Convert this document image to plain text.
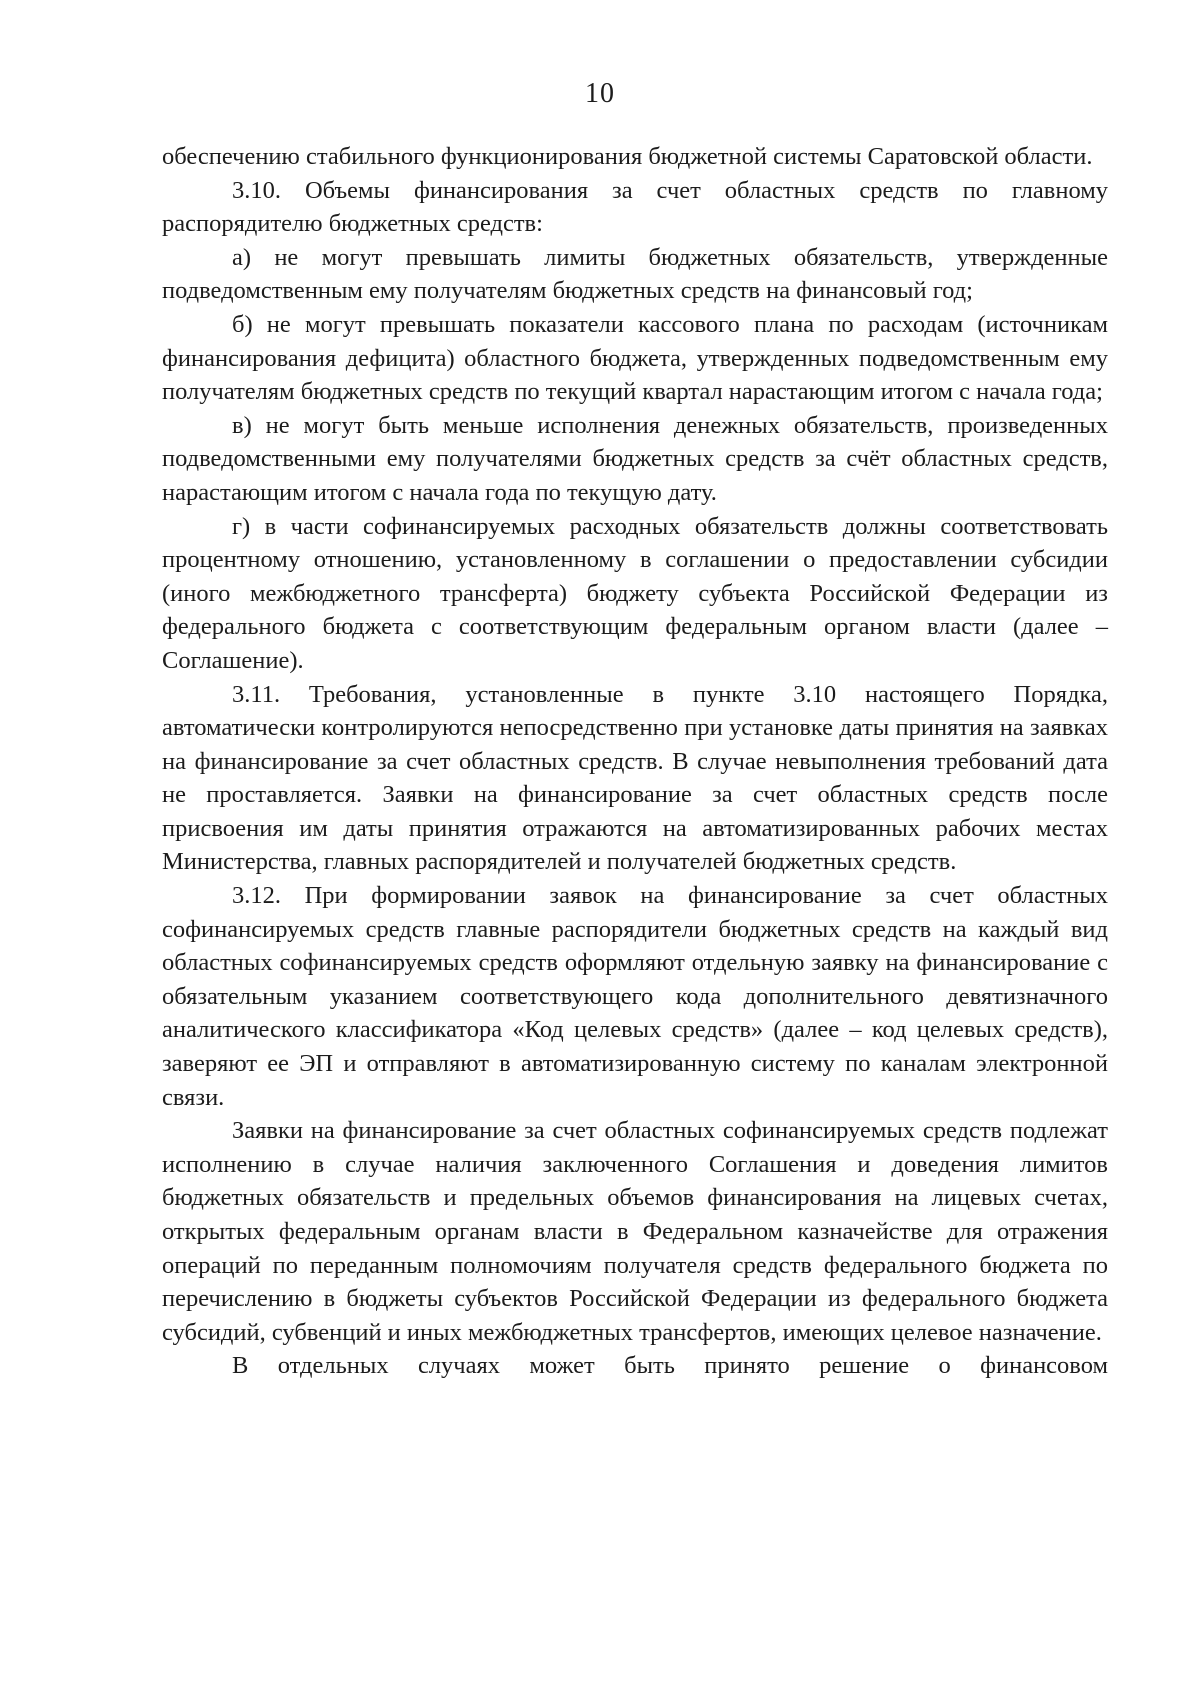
10

обеспечению стабильного функционирования бюджетной системы Саратовской области.

3.10. Объемы финансирования за счет областных средств по главному распорядителю бюджетных средств:

а) не могут превышать лимиты бюджетных обязательств, утвержденные подведомственным ему получателям бюджетных средств на финансовый год;

б) не могут превышать показатели кассового плана по расходам (источникам финансирования дефицита) областного бюджета, утвержденных подведомственным ему получателям бюджетных средств по текущий квартал нарастающим итогом с начала года;

в) не могут быть меньше исполнения денежных обязательств, произведенных подведомственными ему получателями бюджетных средств за счёт областных средств, нарастающим итогом с начала года по текущую дату.

г) в части софинансируемых расходных обязательств должны соответствовать процентному отношению, установленному в соглашении о предоставлении субсидии (иного межбюджетного трансферта) бюджету субъекта Российской Федерации из федерального бюджета с соответствующим федеральным органом власти (далее – Соглашение).

3.11. Требования, установленные в пункте 3.10 настоящего Порядка, автоматически контролируются непосредственно при установке даты принятия на заявках на финансирование за счет областных средств. В случае невыполнения требований дата не проставляется. Заявки на финансирование за счет областных средств после присвоения им даты принятия отражаются на автоматизированных рабочих местах Министерства, главных распорядителей и получателей бюджетных средств.

3.12. При формировании заявок на финансирование за счет областных софинансируемых средств главные распорядители бюджетных средств на каждый вид областных софинансируемых средств оформляют отдельную заявку на финансирование с обязательным указанием соответствующего кода дополнительного девятизначного аналитического классификатора «Код целевых средств» (далее – код целевых средств), заверяют ее ЭП и отправляют в автоматизированную систему по каналам электронной связи.

Заявки на финансирование за счет областных софинансируемых средств подлежат исполнению в случае наличия заключенного Соглашения и доведения лимитов бюджетных обязательств и предельных объемов финансирования на лицевых счетах, открытых федеральным органам власти в Федеральном казначействе для отражения операций по переданным полномочиям получателя средств федерального бюджета по перечислению в бюджеты субъектов Российской Федерации из федерального бюджета субсидий, субвенций и иных межбюджетных трансфертов, имеющих целевое назначение.

В отдельных случаях может быть принято решение о финансовом
